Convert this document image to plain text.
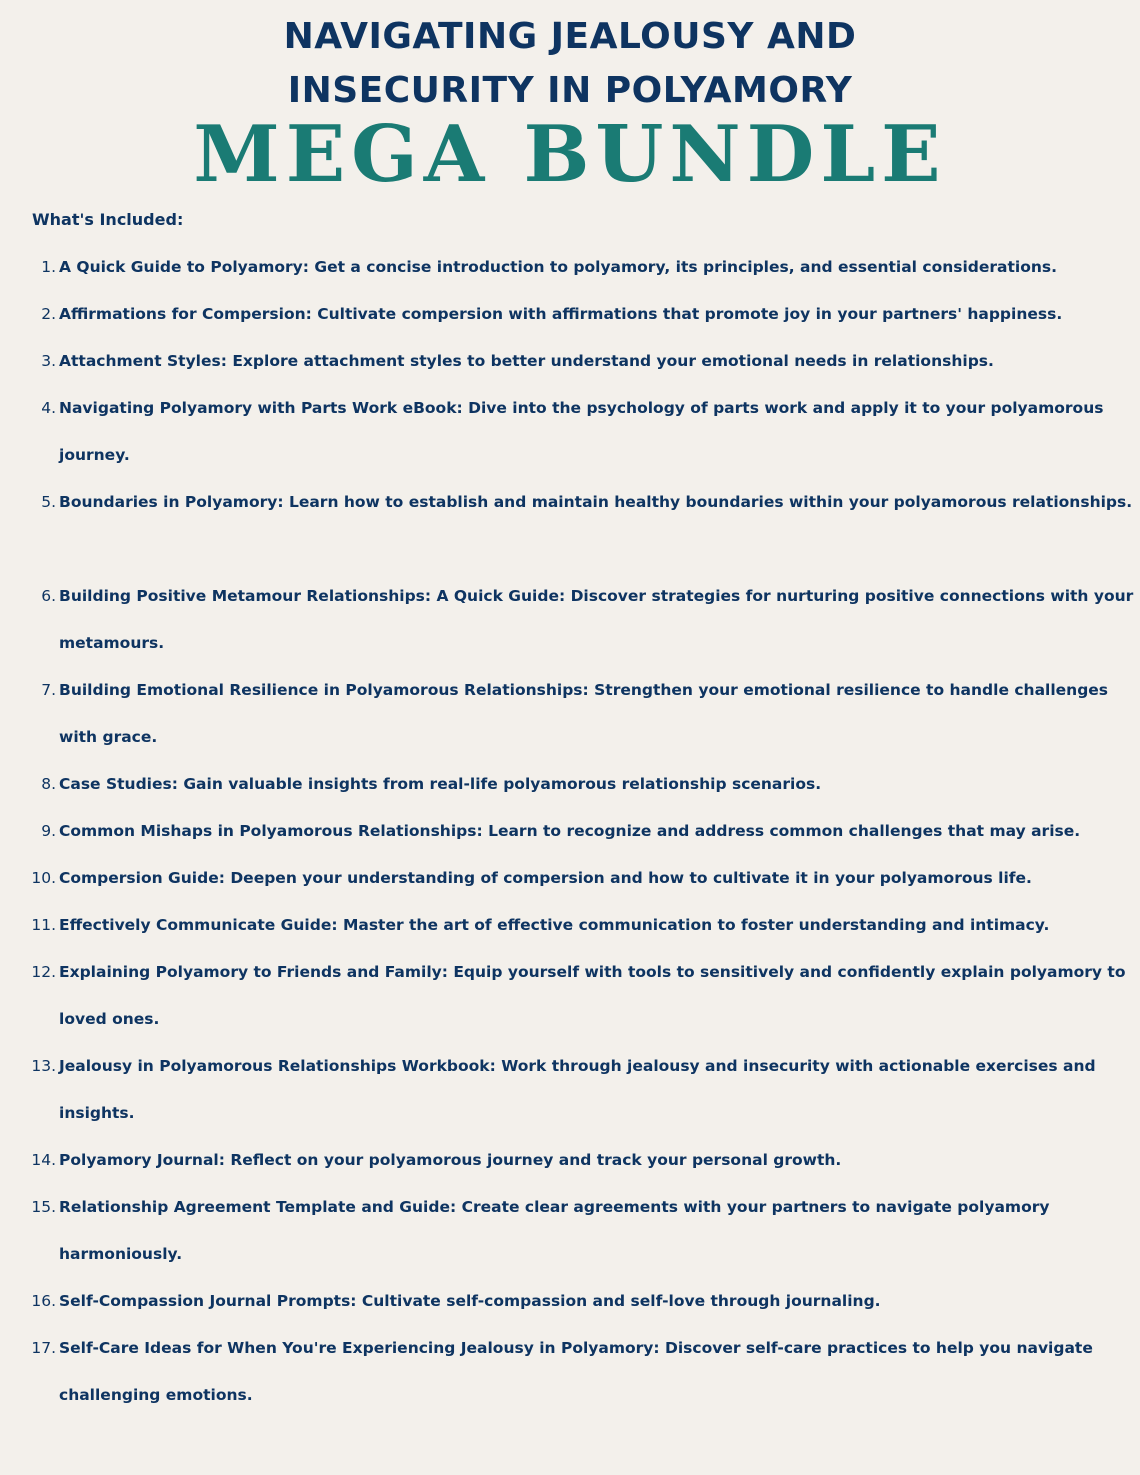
NAVIGATING JEALOUSY AND
INSECURITY IN POLYAMORY
MEGA BUNDLE
What's Included:
1. A Quick Guide to Polyamory: Get a concise introduction to polyamory, its principles, and essential considerations.
2. Affirmations for Compersion: Cultivate compersion with affirmations that promote joy in your partners' happiness.
3. Attachment Styles: Explore attachment styles to better understand your emotional needs in relationships.
4. Navigating Polyamory with Parts Work eBook: Dive into the psychology of parts work and apply it to your polyamorous journey.
5. Boundaries in Polyamory: Learn how to establish and maintain healthy boundaries within your polyamorous relationships.
6. Building Positive Metamour Relationships: A Quick Guide: Discover strategies for nurturing positive connections with your metamours.
7. Building Emotional Resilience in Polyamorous Relationships: Strengthen your emotional resilience to handle challenges with grace.
8. Case Studies: Gain valuable insights from real-life polyamorous relationship scenarios.
9. Common Mishaps in Polyamorous Relationships: Learn to recognize and address common challenges that may arise.
10. Compersion Guide: Deepen your understanding of compersion and how to cultivate it in your polyamorous life.
11. Effectively Communicate Guide: Master the art of effective communication to foster understanding and intimacy.
12. Explaining Polyamory to Friends and Family: Equip yourself with tools to sensitively and confidently explain polyamory to loved ones.
13. Jealousy in Polyamorous Relationships Workbook: Work through jealousy and insecurity with actionable exercises and insights.
14. Polyamory Journal: Reflect on your polyamorous journey and track your personal growth.
15. Relationship Agreement Template and Guide: Create clear agreements with your partners to navigate polyamory harmoniously.
16. Self-Compassion Journal Prompts: Cultivate self-compassion and self-love through journaling.
17. Self-Care Ideas for When You're Experiencing Jealousy in Polyamory: Discover self-care practices to help you navigate challenging emotions.
